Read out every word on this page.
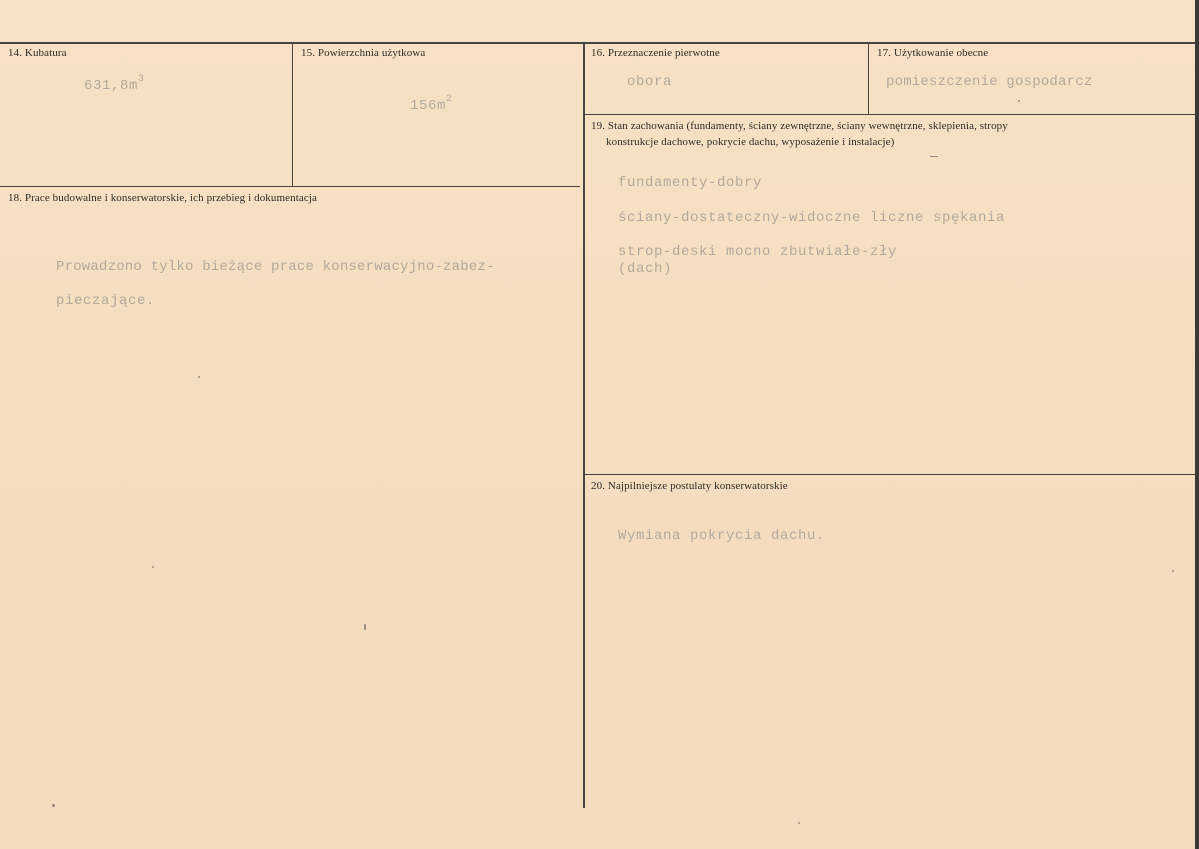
14. Kubatura
$631,8m^3$
15. Powierzchnia użytkowa
$156m^2$
16. Przeznaczenie pierwotne
obora
17. Użytkowanie obecne
pomieszczenie gospodarcz
19. Stan zachowania (fundamenty, ściany zewnętrzne, ściany wewnętrzne, sklepienia, stropy
konstrukcje dachowe, pokrycie dachu, wyposażenie i instalacje)
fundamenty-dobry
ściany-dostateczny-widoczne liczne spękania
strop-deski mocno zbutwiałe-zły
(dach)
18. Prace budowalne i konserwatorskie, ich przebieg i dokumentacja
Prowadzono tylko bieżące prace konserwacyjno-zabez-
pieczające.
20. Najpilniejsze postulaty konserwatorskie
Wymiana pokrycia dachu.
